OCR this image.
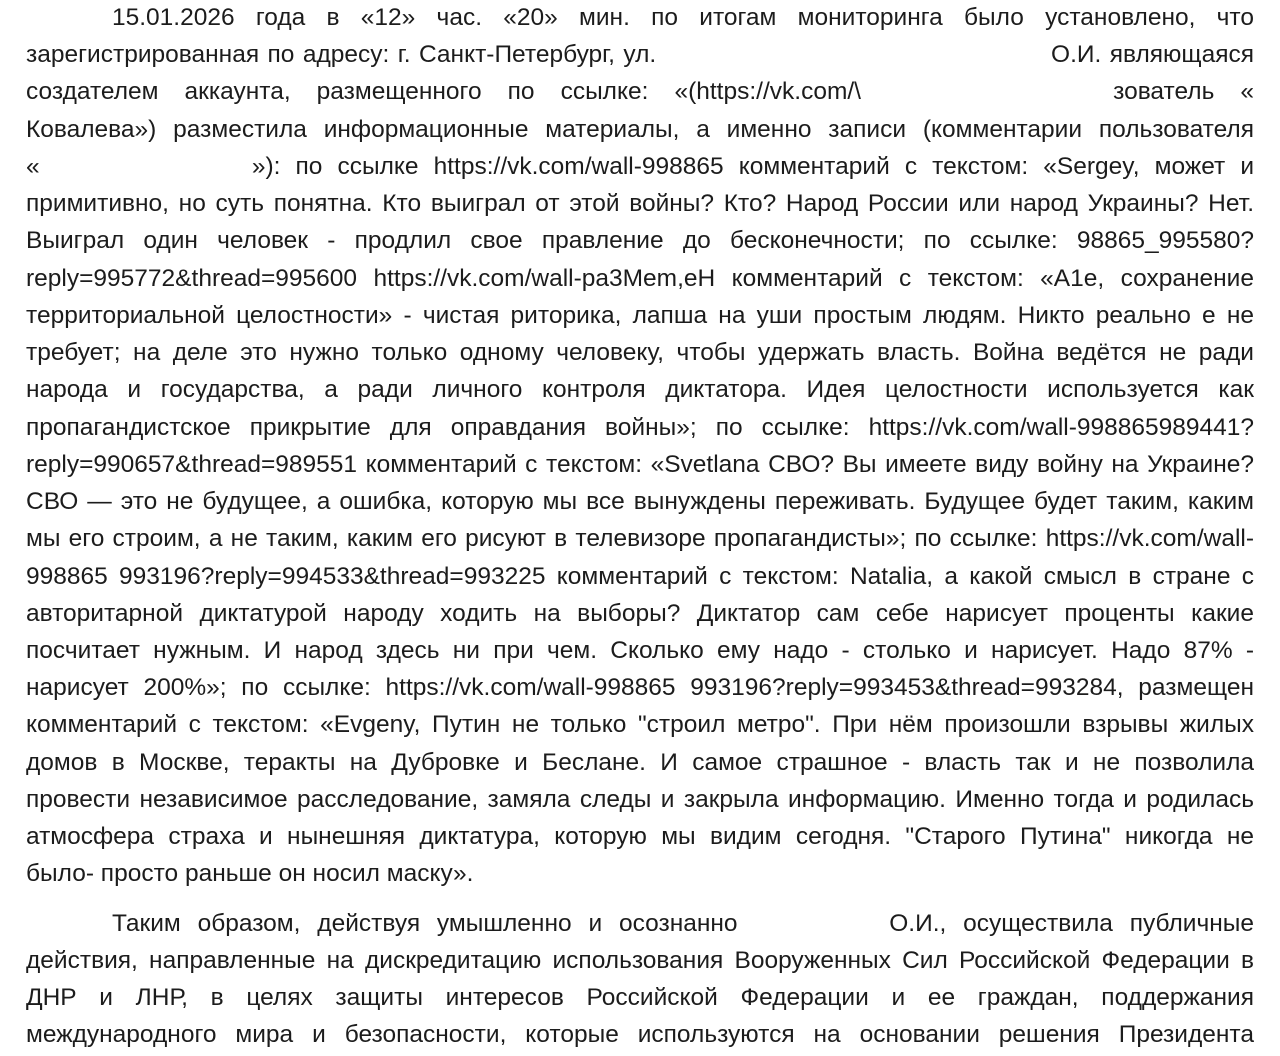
15.01.2026 года в «12» час. «20» мин. по итогам мониторинга было установлено, что
зарегистрированная по адресу: г. Санкт-Петербург, ул.	О.И. являющаяся
создателем аккаунта, размещенного по ссылке: «(https://vk.com/\	зователь «
Ковалева») разместила информационные материалы, а именно записи (комментарии пользователя
«	»): по ссылке https://vk.com/wall-998865 комментарий с текстом: «Sergey, может и
примитивно, но суть понятна. Кто выиграл от этой войны? Кто? Народ России или народ Украины? Нет.
Выиграл один человек - продлил свое правление до бесконечности; по ссылке: 98865_995580?
reply=995772&thread=995600 https://vk.com/wall-pa3Mem,eH комментарий с текстом: «A1e, сохранение
территориальной целостности» - чистая риторика, лапша на уши простым людям. Никто реально е не
требует; на деле это нужно только одному человеку, чтобы удержать власть. Война ведётся не ради
народа и государства, а ради личного контроля диктатора. Идея целостности используется как
пропагандистское прикрытие для оправдания войны»; по ссылке: https://vk.com/wall-998865989441?
reply=990657&thread=989551 комментарий с текстом: «Svetlana СВО? Вы имеете виду войну на Украине?
СВО — это не будущее, а ошибка, которую мы все вынуждены переживать. Будущее будет таким, каким
мы его строим, а не таким, каким его рисуют в телевизоре пропагандисты»; по ссылке: https://vk.com/wall-
998865 993196?reply=994533&thread=993225 комментарий с текстом: Natalia, а какой смысл в стране с
авторитарной диктатурой народу ходить на выборы? Диктатор сам себе нарисует проценты какие
посчитает нужным. И народ здесь ни при чем. Сколько ему надо - столько и нарисует. Надо 87% -
нарисует 200%»; по ссылке: https://vk.com/wall-998865 993196?reply=993453&thread=993284, размещен
комментарий с текстом: «Evgeny, Путин не только "строил метро". При нём произошли взрывы жилых
домов в Москве, теракты на Дубровке и Беслане. И самое страшное - власть так и не позволила
провести независимое расследование, замяла следы и закрыла информацию. Именно тогда и родилась
атмосфера страха и нынешняя диктатура, которую мы видим сегодня. "Старого Путина" никогда не
было- просто раньше он носил маску».
Таким образом, действуя умышленно и осознанно	О.И., осуществила публичные
действия, направленные на дискредитацию использования Вооруженных Сил Российской Федерации в
ДНР и ЛНР, в целях защиты интересов Российской Федерации и ее граждан, поддержания
международного мира и безопасности, которые используются на основании решения Президента
